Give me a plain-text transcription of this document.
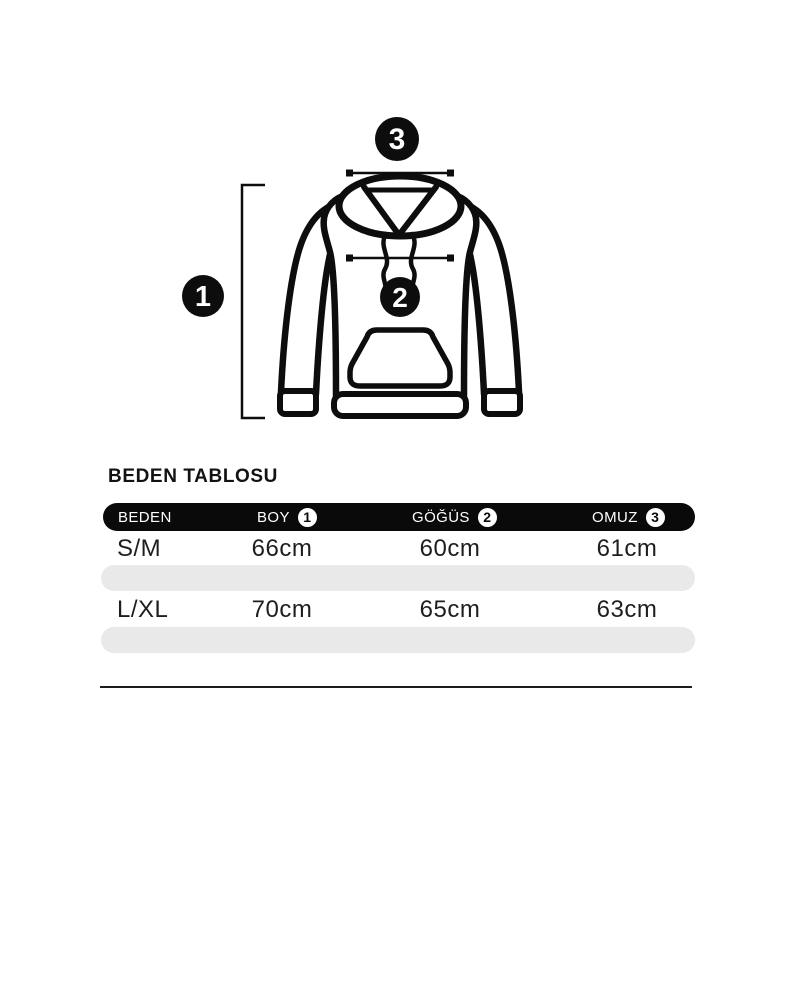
3
1	2
BEDEN TABLOSU
BEDEN	BOY 1	GÖĞÜS 2	OMUZ 3
S/M	66cm	60cm	61cm
L/XL	70cm	65cm	63cm
